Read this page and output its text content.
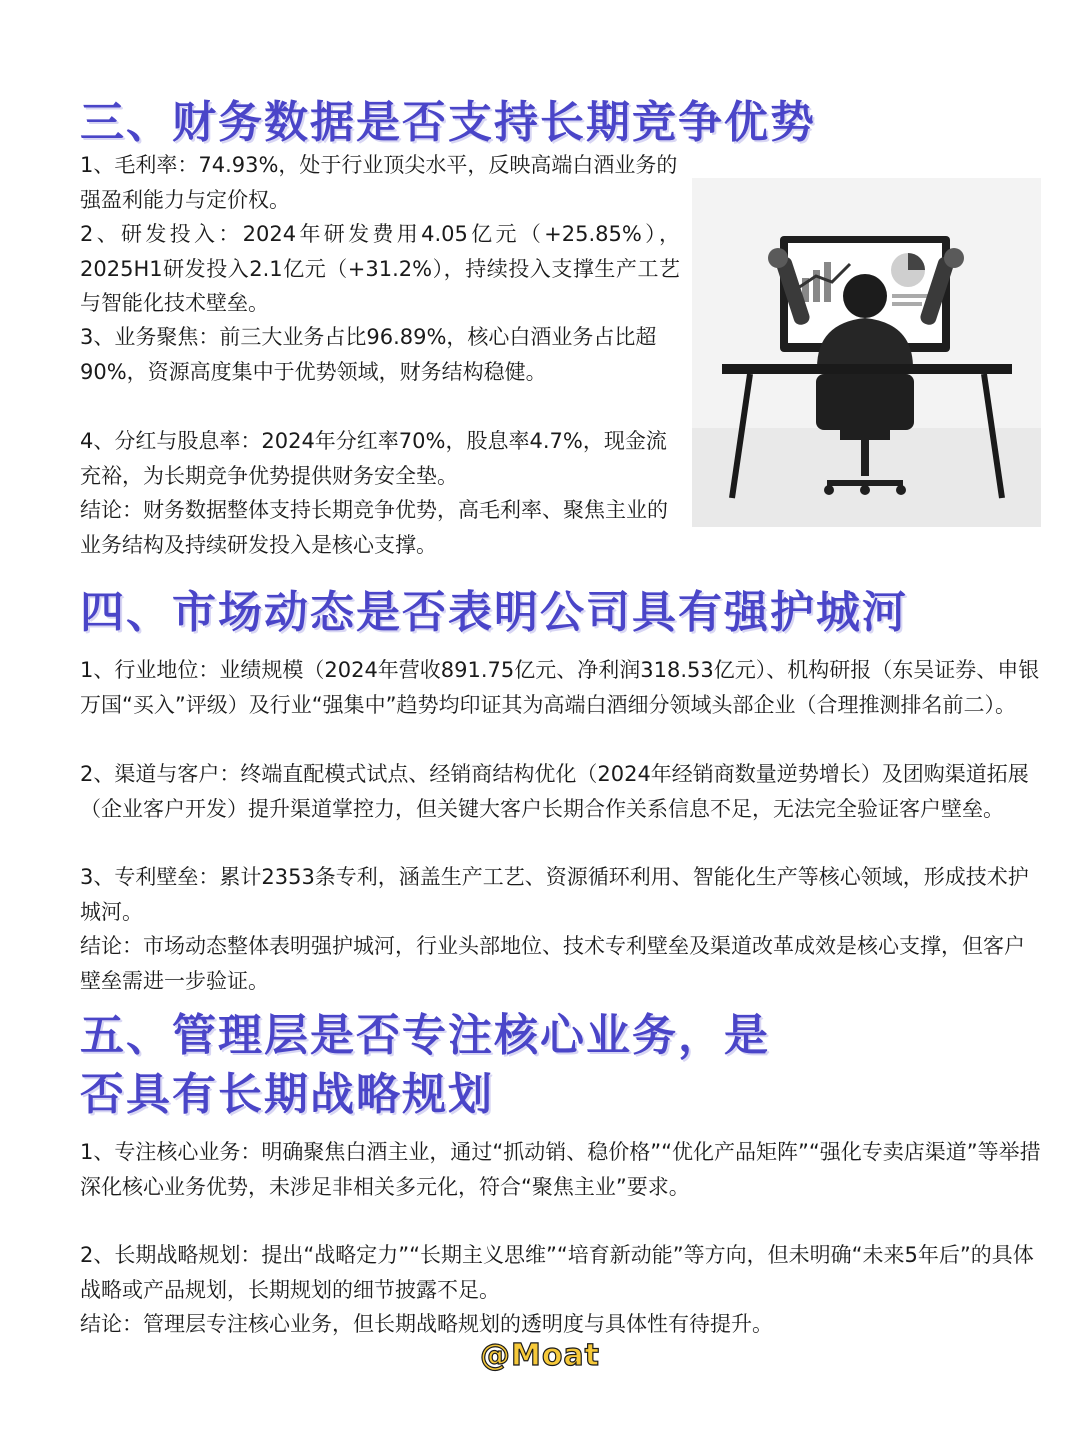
三、财务数据是否支持长期竞争优势

1、毛利率：74.93%，处于行业顶尖水平，反映高端白酒业务的强盈利能力与定价权。

2、研发投入：2024年研发费用4.05亿元（+25.85%），2025H1研发投入2.1亿元（+31.2%），持续投入支撑生产工艺与智能化技术壁垒。

3、业务聚焦：前三大业务占比96.89%，核心白酒业务占比超90%，资源高度集中于优势领域，财务结构稳健。

4、分红与股息率：2024年分红率70%，股息率4.7%，现金流充裕，为长期竞争优势提供财务安全垫。

结论：财务数据整体支持长期竞争优势，高毛利率、聚焦主业的业务结构及持续研发投入是核心支撑。

四、市场动态是否表明公司具有强护城河

1、行业地位：业绩规模（2024年营收891.75亿元、净利润318.53亿元）、机构研报（东吴证券、申银万国“买入”评级）及行业“强集中”趋势均印证其为高端白酒细分领域头部企业（合理推测排名前二）。

2、渠道与客户：终端直配模式试点、经销商结构优化（2024年经销商数量逆势增长）及团购渠道拓展（企业客户开发）提升渠道掌控力，但关键大客户长期合作关系信息不足，无法完全验证客户壁垒。

3、专利壁垒：累计2353条专利，涵盖生产工艺、资源循环利用、智能化生产等核心领域，形成技术护城河。

结论：市场动态整体表明强护城河，行业头部地位、技术专利壁垒及渠道改革成效是核心支撑，但客户壁垒需进一步验证。

五、管理层是否专注核心业务，是
否具有长期战略规划

1、专注核心业务：明确聚焦白酒主业，通过“抓动销、稳价格”“优化产品矩阵”“强化专卖店渠道”等举措深化核心业务优势，未涉足非相关多元化，符合“聚焦主业”要求。

2、长期战略规划：提出“战略定力”“长期主义思维”“培育新动能”等方向，但未明确“未来5年后”的具体战略或产品规划，长期规划的细节披露不足。

结论：管理层专注核心业务，但长期战略规划的透明度与具体性有待提升。

@Moat
